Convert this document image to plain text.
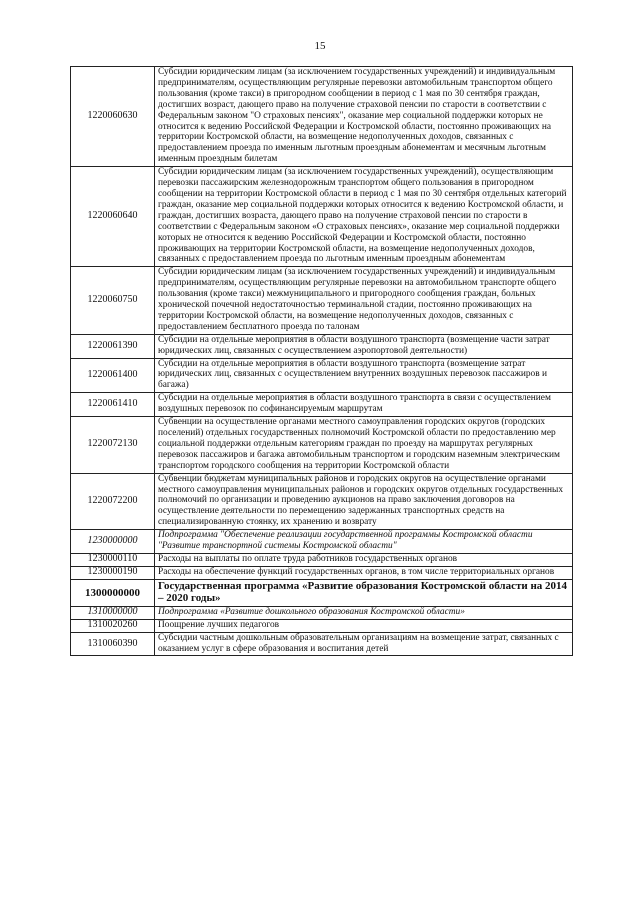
15
1220060630	Субсидии юридическим лицам (за исключением государственных учреждений) и индивидуальным предпринимателям, осуществляющим регулярные перевозки автомобильным транспортом общего пользования (кроме такси) в пригородном сообщении в период с 1 мая по 30 сентября граждан, достигших возраст, дающего право на получение страховой пенсии по старости в соответствии с Федеральным законом "О страховых пенсиях", оказание мер социальной поддержки которых не относится к ведению Российской Федерации и Костромской области, постоянно проживающих на территории Костромской области, на возмещение недополученных доходов, связанных с предоставлением проезда по именным льготным проездным абонементам и месячным льготным именным проездным билетам
1220060640	Субсидии юридическим лицам (за исключением государственных учреждений), осуществляющим перевозки пассажирским железнодорожным транспортом общего пользования в пригородном сообщении на территории Костромской области в период с 1 мая по 30 сентября отдельных категорий граждан, оказание мер социальной поддержки которых относится к ведению Костромской области, и граждан, достигших возраста, дающего право на получение страховой пенсии по старости в соответствии с Федеральным законом «О страховых пенсиях», оказание мер социальной поддержки которых не относится к ведению Российской Федерации и Костромской области, постоянно проживающих на территории Костромской области, на возмещение недополученных доходов, связанных с предоставлением проезда по льготным именным проездным абонементам
1220060750	Субсидии юридическим лицам (за исключением государственных учреждений) и индивидуальным предпринимателям, осуществляющим регулярные перевозки на автомобильном транспорте общего пользования (кроме такси) межмуниципального и пригородного сообщения граждан, больных хронической почечной недостаточностью терминальной стадии, постоянно проживающих на территории Костромской области, на возмещение недополученных доходов, связанных с предоставлением бесплатного проезда по талонам
1220061390	Субсидии на отдельные мероприятия в области воздушного транспорта (возмещение части затрат юридических лиц, связанных с осуществлением аэропортовой деятельности)
1220061400	Субсидии на отдельные мероприятия в области воздушного транспорта (возмещение затрат юридических лиц, связанных с осуществлением внутренних воздушных перевозок пассажиров и багажа)
1220061410	Субсидии на отдельные мероприятия в области воздушного транспорта в связи с осуществлением воздушных перевозок по софинансируемым маршрутам
1220072130	Субвенции на осуществление органами местного самоуправления городских округов (городских поселений) отдельных государственных полномочий Костромской области по предоставлению мер социальной поддержки отдельным категориям граждан по проезду на маршрутах регулярных перевозок пассажиров и багажа автомобильным транспортом и городским наземным электрическим транспортом городского сообщения на территории Костромской области
1220072200	Субвенции бюджетам муниципальных районов и городских округов на осуществление органами местного самоуправления муниципальных районов и городских округов отдельных государственных полномочий по организации и проведению аукционов на право заключения договоров на осуществление деятельности по перемещению задержанных транспортных средств на специализированную стоянку, их хранению и возврату
1230000000	Подпрограмма "Обеспечение реализации государственной программы Костромской области "Развитие транспортной системы Костромской области"
1230000110	Расходы на выплаты по оплате труда работников государственных органов
1230000190	Расходы на обеспечение функций государственных органов, в том числе территориальных органов
1300000000	Государственная программа «Развитие образования Костромской области на 2014 – 2020 годы»
1310000000	Подпрограмма «Развитие дошкольного образования Костромской области»
1310020260	Поощрение лучших педагогов
1310060390	Субсидии частным дошкольным образовательным организациям на возмещение затрат, связанных с оказанием услуг в сфере образования и воспитания детей
